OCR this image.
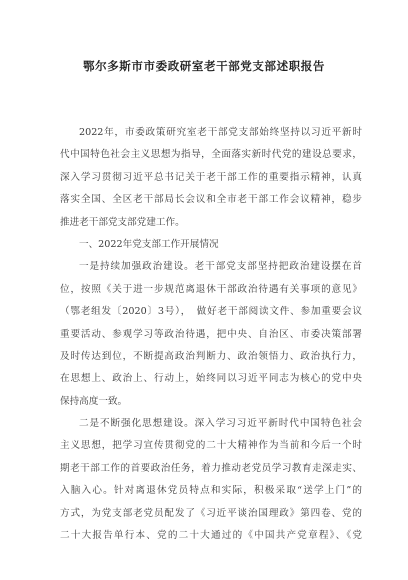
鄂尔多斯市市委政研室老干部党支部述职报告
2022年，市委政策研究室老干部党支部始终坚持以习近平新时
代中国特色社会主义思想为指导，全面落实新时代党的建设总要求，
深入学习贯彻习近平总书记关于老干部工作的重要指示精神，认真
落实全国、全区老干部局长会议和全市老干部工作会议精神，稳步
推进老干部党支部党建工作。
一、2022年党支部工作开展情况
一是持续加强政治建设。老干部党支部坚持把政治建设摆在首
位，按照《关于进一步规范离退休干部政治待遇有关事项的意见》
（鄂老组发〔2020〕3号），　做好老干部阅读文件、参加重要会议
重要活动、参观学习等政治待遇，把中央、自治区、市委决策部署
及时传达到位，不断提高政治判断力、政治领悟力、政治执行力，
在思想上、政治上、行动上，始终同以习近平同志为核心的党中央
保持高度一致。
二是不断强化思想建设。深入学习习近平新时代中国特色社会
主义思想，把学习宣传贯彻党的二十大精神作为当前和今后一个时
期老干部工作的首要政治任务，着力推动老党员学习教育走深走实、
入脑入心。针对离退休党员特点和实际，积极采取“送学上门”的
方式，为党支部老党员配发了《习近平谈治国理政》第四卷、党的
二十大报告单行本、党的二十大通过的《中国共产党章程》、《党
